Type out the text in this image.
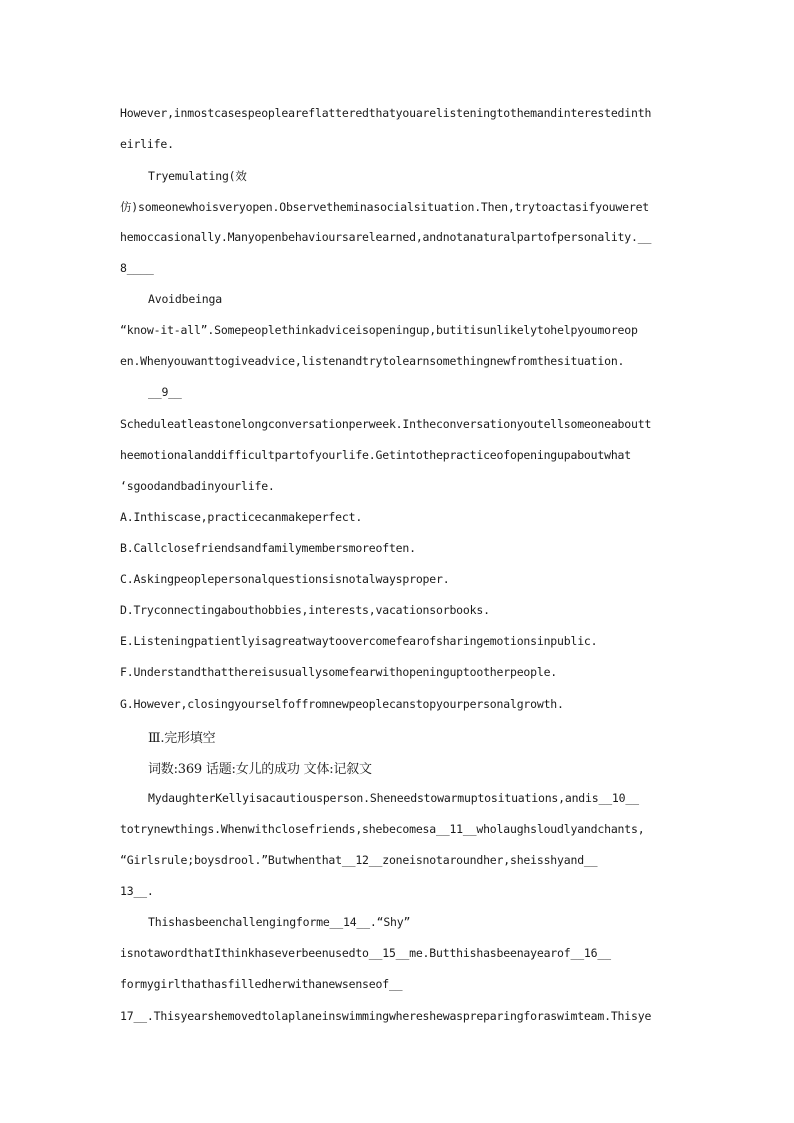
However,inmostcasespeopleareflatteredthatyouarelisteningtothemandinterestedinth
eirlife.
Tryemulating(效
仿)someonewhoisveryopen.Observetheminasocialsituation.Then,trytoactasifyouweret
hemoccasionally.Manyopenbehavioursarelearned,andnotanaturalpartofpersonality.__
8____
Avoidbeinga
“know-it-all”.Somepeoplethinkadviceisopeningup,butitisunlikelytohelpyoumoreop
en.Whenyouwanttogiveadvice,listenandtrytolearnsomethingnewfromthesituation.
__9__
Scheduleatleastonelongconversationperweek.Intheconversationyoutellsomeoneaboutt
heemotionalanddifficultpartofyourlife.Getintothepracticeofopeningupaboutwhat
‘sgoodandbadinyourlife.
A.Inthiscase,practicecanmakeperfect.
B.Callclosefriendsandfamilymembersmoreoften.
C.Askingpeoplepersonalquestionsisnotalwaysproper.
D.Tryconnectingabouthobbies,interests,vacationsorbooks.
E.Listeningpatientlyisagreatwaytoovercomefearofsharingemotionsinpublic.
F.Understandthatthereisusuallysomefearwithopeninguptootherpeople.
G.However,closingyourselfoffromnewpeoplecanstopyourpersonalgrowth.
Ⅲ.完形填空
词数:369 话题:女儿的成功 文体:记叙文
MydaughterKellyisacautiousperson.Sheneedstowarmuptosituations,andis__10__
totrynewthings.Whenwithclosefriends,shebecomesa__11__wholaughsloudlyandchants,
“Girlsrule;boysdrool.”Butwhenthat__12__zoneisnotaroundher,sheisshyand__
13__.
Thishasbeenchallengingforme__14__.“Shy”
isnotawordthatIthinkhaseverbeenusedto__15__me.Butthishasbeenayearof__16__
formygirlthathasfilledherwithanewsenseof__
17__.Thisyearshemovedtolaplaneinswimmingwhereshewaspreparingforaswimteam.Thisye
